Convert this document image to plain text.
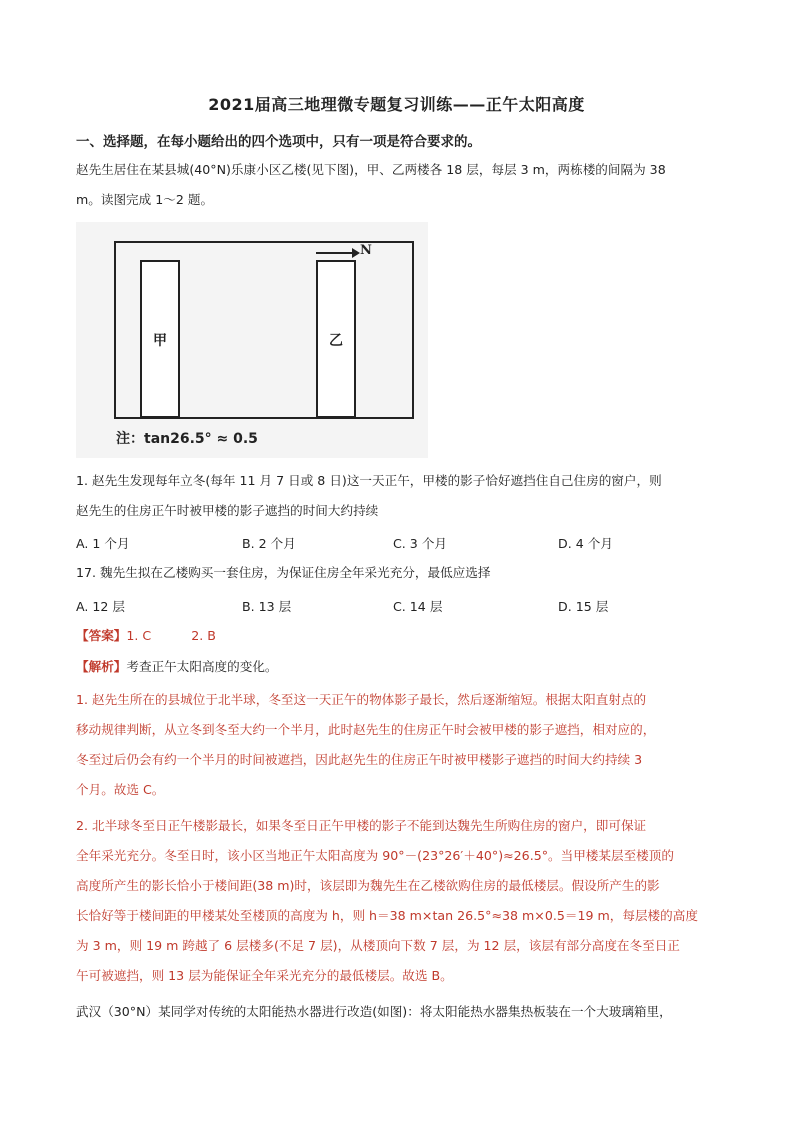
2021届高三地理微专题复习训练——正午太阳高度
一、选择题，在每小题给出的四个选项中，只有一项是符合要求的。
赵先生居住在某县城(40°N)乐康小区乙楼(见下图)，甲、乙两楼各 18 层，每层 3 m，两栋楼的间隔为 38
m。读图完成 1～2 题。
甲	乙
N
注：tan26.5° ≈ 0.5
1. 赵先生发现每年立冬(每年 11 月 7 日或 8 日)这一天正午，甲楼的影子恰好遮挡住自己住房的窗户，则
赵先生的住房正午时被甲楼的影子遮挡的时间大约持续
A. 1 个月	B. 2 个月	C. 3 个月	D. 4 个月
17. 魏先生拟在乙楼购买一套住房，为保证住房全年采光充分，最低应选择
A. 12 层	B. 13 层	C. 14 层	D. 15 层
【答案】1. C	2. B
【解析】考查正午太阳高度的变化。
1. 赵先生所在的县城位于北半球，冬至这一天正午的物体影子最长，然后逐渐缩短。根据太阳直射点的
移动规律判断，从立冬到冬至大约一个半月，此时赵先生的住房正午时会被甲楼的影子遮挡，相对应的，
冬至过后仍会有约一个半月的时间被遮挡，因此赵先生的住房正午时被甲楼影子遮挡的时间大约持续 3
个月。故选 C。
2. 北半球冬至日正午楼影最长，如果冬至日正午甲楼的影子不能到达魏先生所购住房的窗户，即可保证
全年采光充分。冬至日时，该小区当地正午太阳高度为 90°－(23°26′＋40°)≈26.5°。当甲楼某层至楼顶的
高度所产生的影长恰小于楼间距(38 m)时，该层即为魏先生在乙楼欲购住房的最低楼层。假设所产生的影
长恰好等于楼间距的甲楼某处至楼顶的高度为 h，则 h＝38 m×tan 26.5°≈38 m×0.5＝19 m，每层楼的高度
为 3 m，则 19 m 跨越了 6 层楼多(不足 7 层)，从楼顶向下数 7 层，为 12 层，该层有部分高度在冬至日正
午可被遮挡，则 13 层为能保证全年采光充分的最低楼层。故选 B。
武汉（30°N）某同学对传统的太阳能热水器进行改造(如图)：将太阳能热水器集热板装在一个大玻璃箱里，
